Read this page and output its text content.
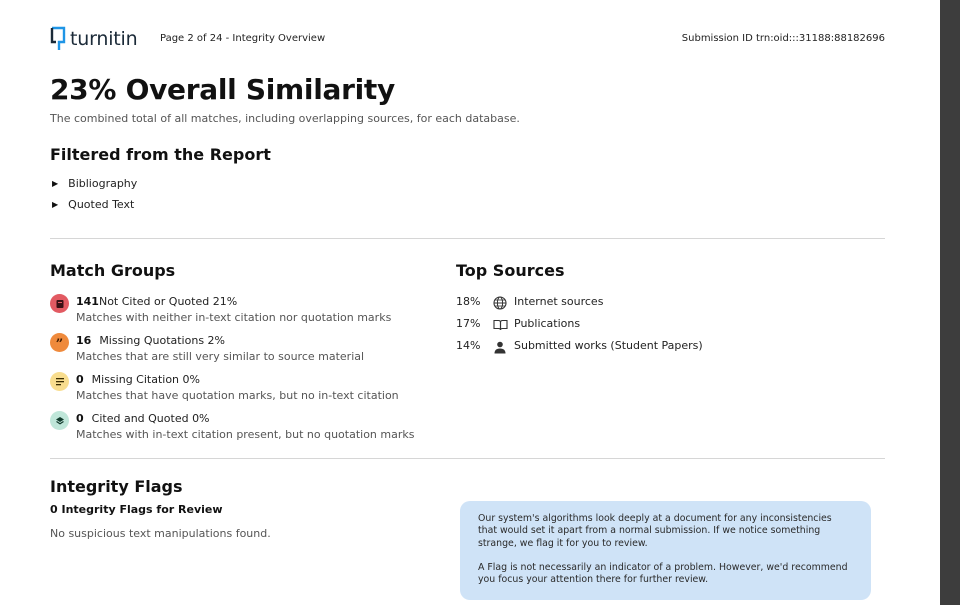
turnitin Page 2 of 24 - Integrity Overview	Submission ID trn:oid:::31188:88182696
23% Overall Similarity
The combined total of all matches, including overlapping sources, for each database.
Filtered from the Report
▶ Bibliography
▶ Quoted Text
Match Groups
141Not Cited or Quoted 21%
Matches with neither in-text citation nor quotation marks
” 16 Missing Quotations 2%
Matches that are still very similar to source material
0 Missing Citation 0%
Matches that have quotation marks, but no in-text citation
0 Cited and Quoted 0%
Matches with in-text citation present, but no quotation marks
Top Sources
18%	Internet sources
17%	Publications
14%	Submitted works (Student Papers)
Integrity Flags
0 Integrity Flags for Review
No suspicious text manipulations found.

Our system's algorithms look deeply at a document for any inconsistencies that would set it apart from a normal submission. If we notice something strange, we flag it for you to review.

A Flag is not necessarily an indicator of a problem. However, we'd recommend you focus your attention there for further review.
